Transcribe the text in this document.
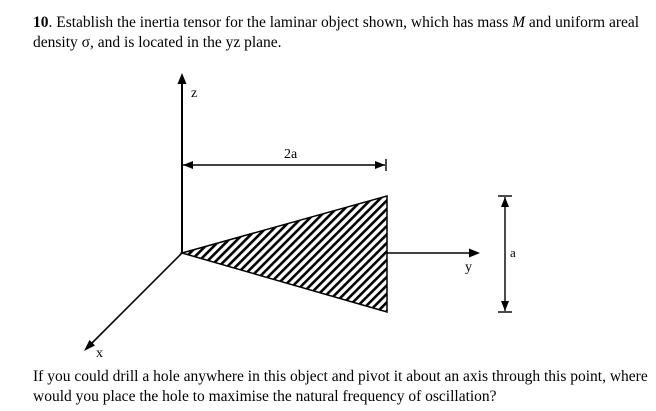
10. Establish the inertia tensor for the laminar object shown, which has mass M and uniform areal density σ, and is located in the yz plane.

z
x
y
2a
a

If you could drill a hole anywhere in this object and pivot it about an axis through this point, where would you place the hole to maximise the natural frequency of oscillation?
